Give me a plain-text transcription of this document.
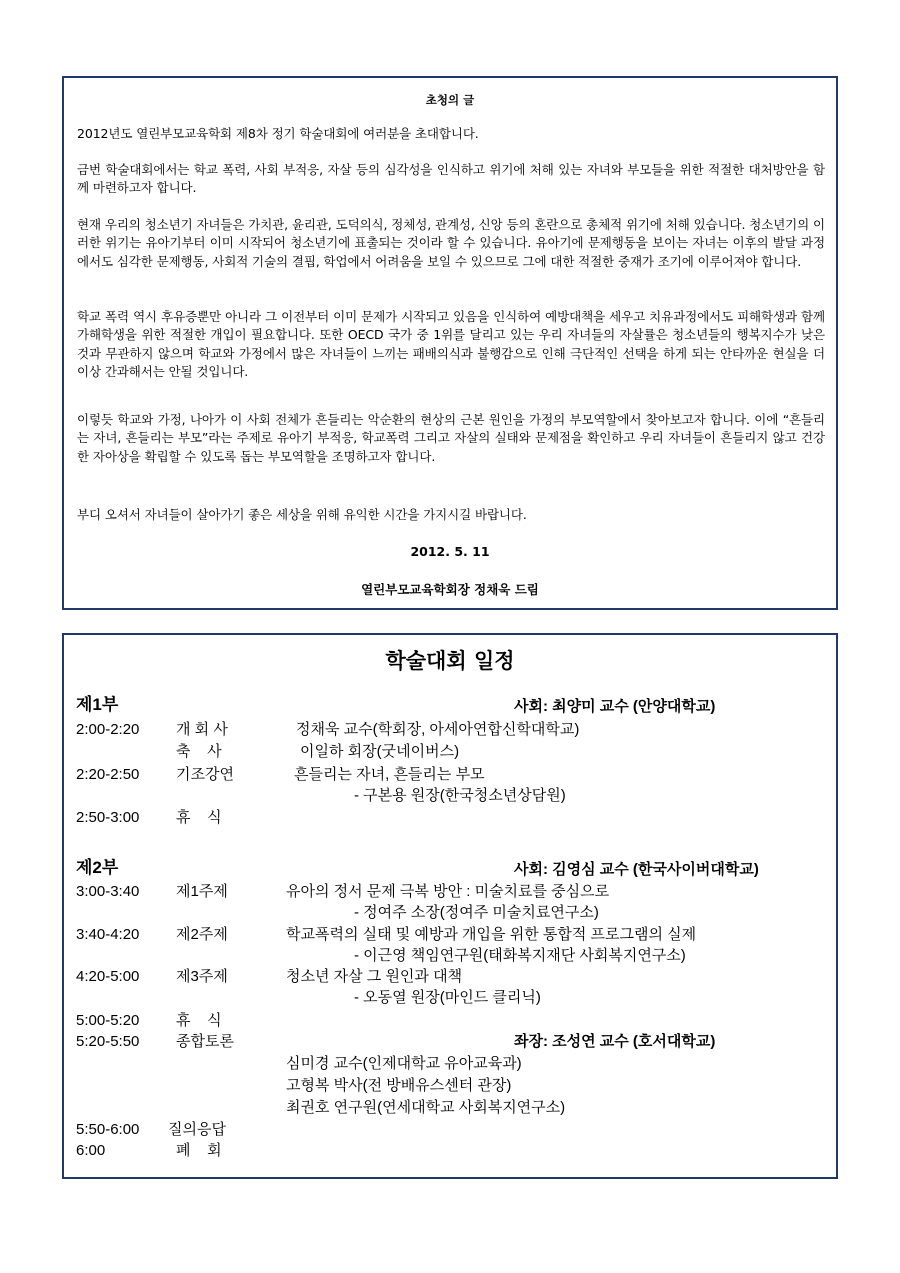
초청의 글
2012년도 열린부모교육학회 제8차 정기 학술대회에 여러분을 초대합니다.
금번 학술대회에서는 학교 폭력, 사회 부적응, 자살 등의 심각성을 인식하고 위기에 처해 있는 자녀와 부모들을 위한 적절한 대처방안을 함께 마련하고자 합니다.
현재 우리의 청소년기 자녀들은 가치관, 윤리관, 도덕의식, 정체성, 관계성, 신앙 등의 혼란으로 총체적 위기에 처해 있습니다. 청소년기의 이러한 위기는 유아기부터 이미 시작되어 청소년기에 표출되는 것이라 할 수 있습니다. 유아기에 문제행동을 보이는 자녀는 이후의 발달 과정에서도 심각한 문제행동, 사회적 기술의 결핍, 학업에서 어려움을 보일 수 있으므로 그에 대한 적절한 중재가 조기에 이루어져야 합니다.
학교 폭력 역시 후유증뿐만 아니라 그 이전부터 이미 문제가 시작되고 있음을 인식하여 예방대책을 세우고 치유과정에서도 피해학생과 함께 가해학생을 위한 적절한 개입이 필요합니다. 또한 OECD 국가 중 1위를 달리고 있는 우리 자녀들의 자살률은 청소년들의 행복지수가 낮은 것과 무관하지 않으며 학교와 가정에서 많은 자녀들이 느끼는 패배의식과 불행감으로 인해 극단적인 선택을 하게 되는 안타까운 현실을 더 이상 간과해서는 안될 것입니다.
이렇듯 학교와 가정, 나아가 이 사회 전체가 흔들리는 악순환의 현상의 근본 원인을 가정의 부모역할에서 찾아보고자 합니다. 이에 “흔들리는 자녀, 흔들리는 부모”라는 주제로 유아기 부적응, 학교폭력 그리고 자살의 실태와 문제점을 확인하고 우리 자녀들이 흔들리지 않고 건강한 자아상을 확립할 수 있도록 돕는 부모역할을 조명하고자 합니다.
부디 오셔서 자녀들이 살아가기 좋은 세상을 위해 유익한 시간을 가지시길 바랍니다.
2012. 5. 11
열린부모교육학회장 정채욱 드림
학술대회 일정
제1부	사회: 최양미 교수 (안양대학교)
2:00-2:20 개 회 사	정채욱 교수(학회장, 아세아연합신학대학교)
축    사	이일하 회장(굿네이버스)
2:20-2:50 기조강연	흔들리는 자녀, 흔들리는 부모
- 구본용 원장(한국청소년상담원)
2:50-3:00 휴    식
제2부	사회: 김영심 교수 (한국사이버대학교)
3:00-3:40 제1주제	유아의 정서 문제 극복 방안 : 미술치료를 중심으로
- 정여주 소장(정여주 미술치료연구소)
3:40-4:20 제2주제	학교폭력의 실태 및 예방과 개입을 위한 통합적 프로그램의 실제
- 이근영 책임연구원(태화복지재단 사회복지연구소)
4:20-5:00 제3주제	청소년 자살 그 원인과 대책
- 오동열 원장(마인드 클리닉)
5:00-5:20 휴    식
5:20-5:50 종합토론	좌장: 조성연 교수 (호서대학교)
심미경 교수(인제대학교 유아교육과)
고형복 박사(전 방배유스센터 관장)
최권호 연구원(연세대학교 사회복지연구소)
5:50-6:00 질의응답
6:00	폐    회
